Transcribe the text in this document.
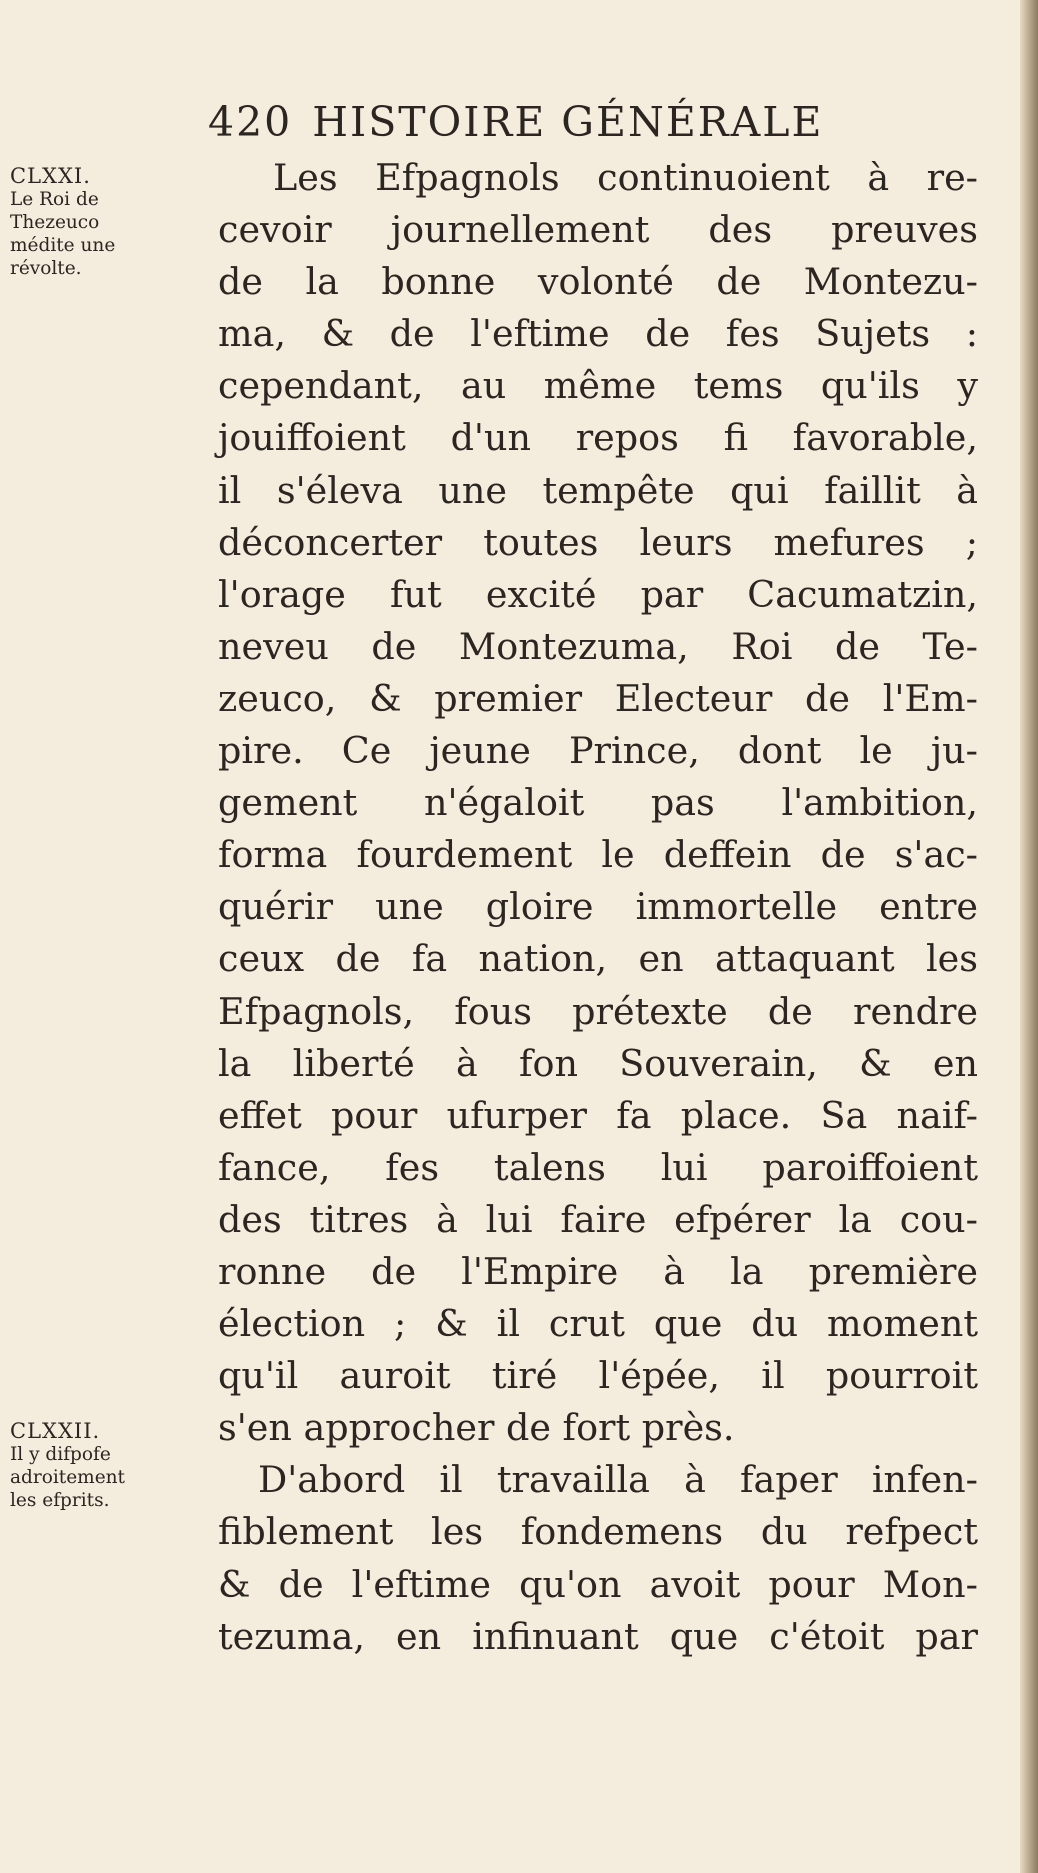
420 HISTOIRE GÉNÉRALE
CLXXI.
Le Roi de
Thezeuco
médite une
révolte.
CLXXII.
Il y difpofe
adroitement
les efprits.
Les Efpagnols continuoient à re-
cevoir journellement des preuves
de la bonne volonté de Montezu-
ma, & de l'eftime de fes Sujets :
cependant, au même tems qu'ils y
jouiffoient d'un repos fi favorable,
il s'éleva une tempête qui faillit à
déconcerter toutes leurs mefures ;
l'orage fut excité par Cacumatzin,
neveu de Montezuma, Roi de Te-
zeuco, & premier Electeur de l'Em-
pire. Ce jeune Prince, dont le ju-
gement n'égaloit pas l'ambition,
forma fourdement le deffein de s'ac-
quérir une gloire immortelle entre
ceux de fa nation, en attaquant les
Efpagnols, fous prétexte de rendre
la liberté à fon Souverain, & en
effet pour ufurper fa place. Sa naif-
fance, fes talens lui paroiffoient
des titres à lui faire efpérer la cou-
ronne de l'Empire à la première
élection ; & il crut que du moment
qu'il auroit tiré l'épée, il pourroit
s'en approcher de fort près.
D'abord il travailla à faper infen-
fiblement les fondemens du refpect
& de l'eftime qu'on avoit pour Mon-
tezuma, en infinuant que c'étoit par
